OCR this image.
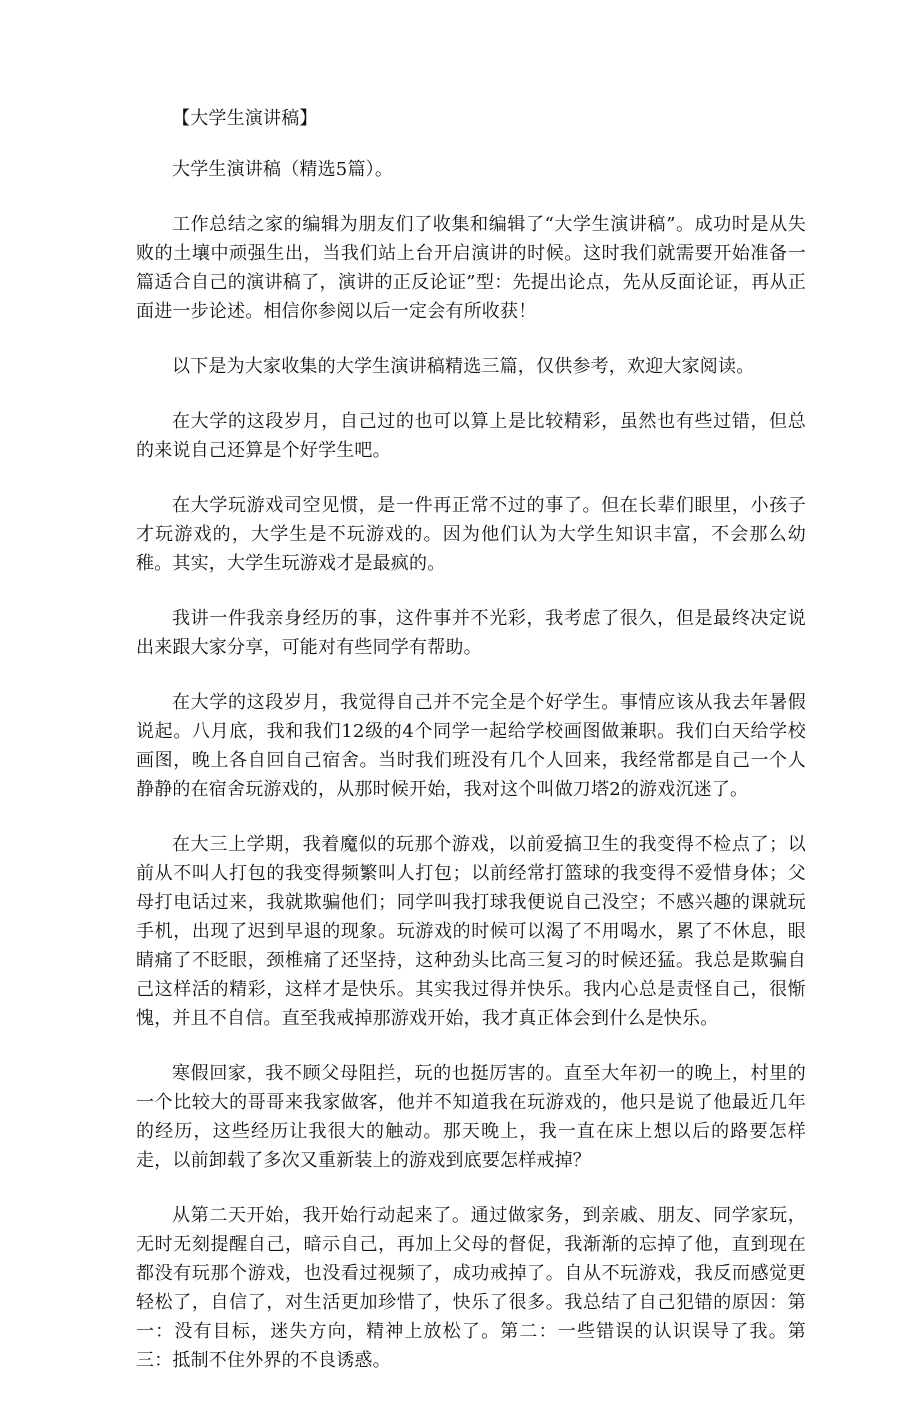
【大学生演讲稿】

大学生演讲稿（精选5篇）。

工作总结之家的编辑为朋友们了收集和编辑了“大学生演讲稿”。成功时是从失败的土壤中顽强生出，当我们站上台开启演讲的时候。这时我们就需要开始准备一篇适合自己的演讲稿了，演讲的正反论证”型：先提出论点，先从反面论证，再从正面进一步论述。相信你参阅以后一定会有所收获！

以下是为大家收集的大学生演讲稿精选三篇，仅供参考，欢迎大家阅读。

在大学的这段岁月，自己过的也可以算上是比较精彩，虽然也有些过错，但总的来说自己还算是个好学生吧。

在大学玩游戏司空见惯，是一件再正常不过的事了。但在长辈们眼里，小孩子才玩游戏的，大学生是不玩游戏的。因为他们认为大学生知识丰富，不会那么幼稚。其实，大学生玩游戏才是最疯的。

我讲一件我亲身经历的事，这件事并不光彩，我考虑了很久，但是最终决定说出来跟大家分享，可能对有些同学有帮助。

在大学的这段岁月，我觉得自己并不完全是个好学生。事情应该从我去年暑假说起。八月底，我和我们12级的4个同学一起给学校画图做兼职。我们白天给学校画图，晚上各自回自己宿舍。当时我们班没有几个人回来，我经常都是自己一个人静静的在宿舍玩游戏的，从那时候开始，我对这个叫做刀塔2的游戏沉迷了。

在大三上学期，我着魔似的玩那个游戏，以前爱搞卫生的我变得不检点了；以前从不叫人打包的我变得频繁叫人打包；以前经常打篮球的我变得不爱惜身体；父母打电话过来，我就欺骗他们；同学叫我打球我便说自己没空；不感兴趣的课就玩手机，出现了迟到早退的现象。玩游戏的时候可以渴了不用喝水，累了不休息，眼睛痛了不眨眼，颈椎痛了还坚持，这种劲头比高三复习的时候还猛。我总是欺骗自己这样活的精彩，这样才是快乐。其实我过得并快乐。我内心总是责怪自己，很惭愧，并且不自信。直至我戒掉那游戏开始，我才真正体会到什么是快乐。

寒假回家，我不顾父母阻拦，玩的也挺厉害的。直至大年初一的晚上，村里的一个比较大的哥哥来我家做客，他并不知道我在玩游戏的，他只是说了他最近几年的经历，这些经历让我很大的触动。那天晚上，我一直在床上想以后的路要怎样走，以前卸载了多次又重新装上的游戏到底要怎样戒掉？

从第二天开始，我开始行动起来了。通过做家务，到亲戚、朋友、同学家玩，无时无刻提醒自己，暗示自己，再加上父母的督促，我渐渐的忘掉了他，直到现在都没有玩那个游戏，也没看过视频了，成功戒掉了。自从不玩游戏，我反而感觉更轻松了，自信了，对生活更加珍惜了，快乐了很多。我总结了自己犯错的原因：第一：没有目标，迷失方向，精神上放松了。第二：一些错误的认识误导了我。第三：抵制不住外界的不良诱惑。
